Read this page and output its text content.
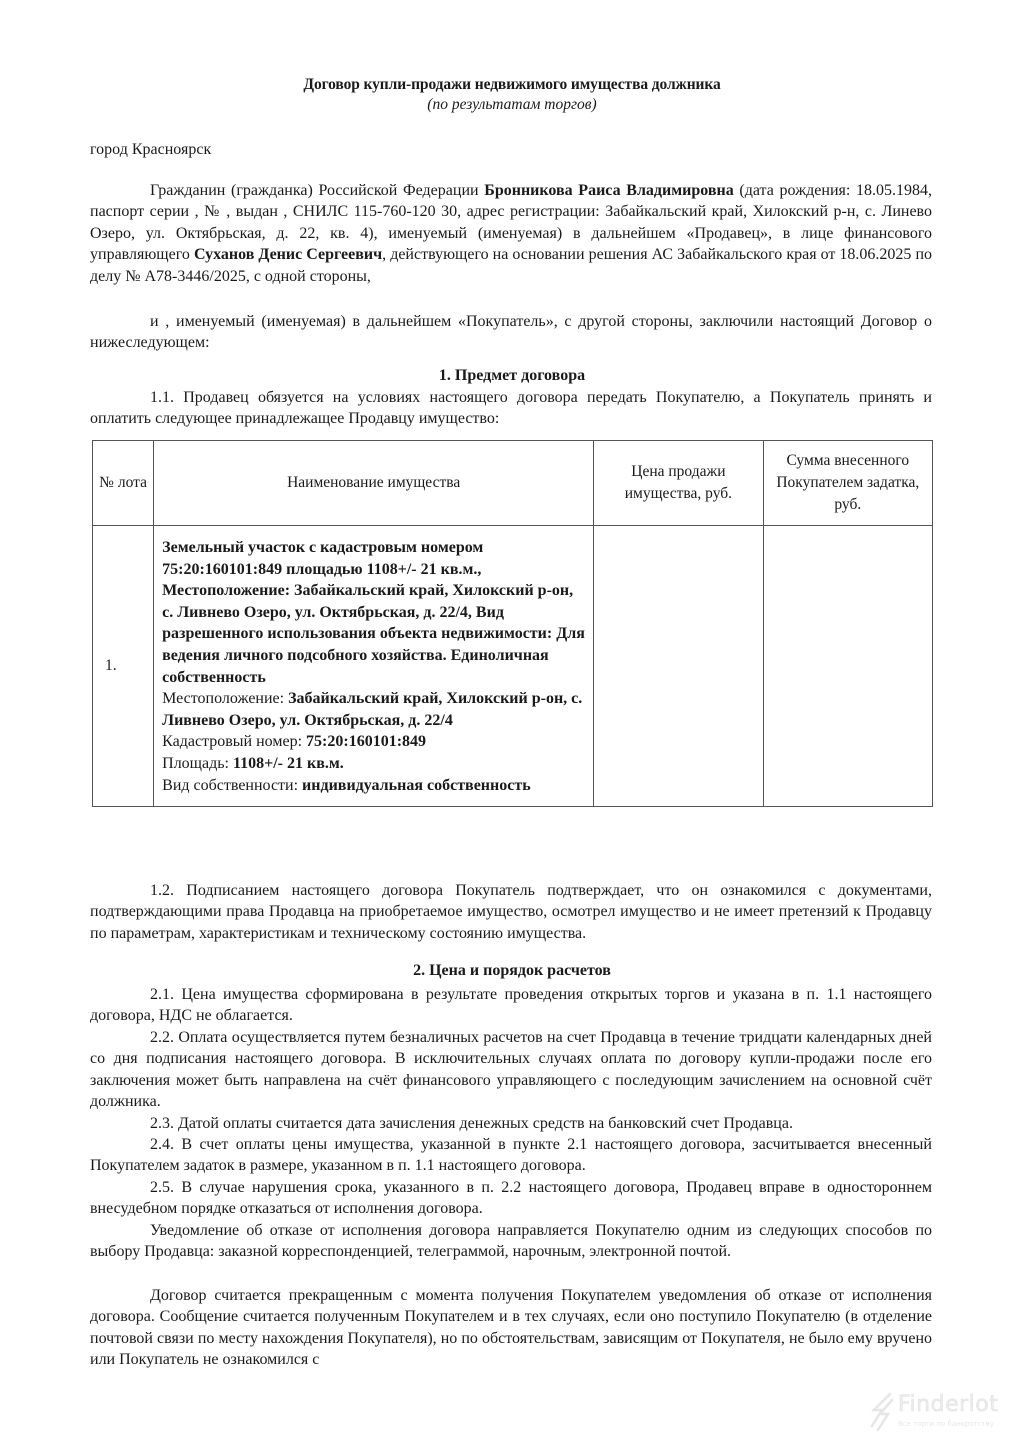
Договор купли-продажи недвижимого имущества должника
(по результатам торгов)
город Красноярск
Гражданин (гражданка) Российской Федерации Бронникова Раиса Владимировна (дата рождения: 18.05.1984, паспорт серии , № , выдан , СНИЛС 115-760-120 30, адрес регистрации: Забайкальский край, Хилокский р-н, с. Линево Озеро, ул. Октябрьская, д. 22, кв. 4), именуемый (именуемая) в дальнейшем «Продавец», в лице финансового управляющего Суханов Денис Сергеевич, действующего на основании решения АС Забайкальского края от 18.06.2025 по делу № А78-3446/2025, с одной стороны,
и , именуемый (именуемая) в дальнейшем «Покупатель», с другой стороны, заключили настоящий Договор о нижеследующем:
1. Предмет договора
1.1. Продавец обязуется на условиях настоящего договора передать Покупателю, а Покупатель принять и оплатить следующее принадлежащее Продавцу имущество:
№ лота	Наименование имущества	Цена продажи имущества, руб.	Сумма внесенного Покупателем задатка, руб.
1.	Земельный участок с кадастровым номером 75:20:160101:849 площадью 1108+/- 21 кв.м., Местоположение: Забайкальский край, Хилокский р-он, с. Ливнево Озеро, ул. Октябрьская, д. 22/4, Вид разрешенного использования объекта недвижимости: Для ведения личного подсобного хозяйства. Единоличная собственность
Местоположение: Забайкальский край, Хилокский р-он, с. Ливнево Озеро, ул. Октябрьская, д. 22/4
Кадастровый номер: 75:20:160101:849
Площадь: 1108+/- 21 кв.м.
Вид собственности: индивидуальная собственность		
1.2. Подписанием настоящего договора Покупатель подтверждает, что он ознакомился с документами, подтверждающими права Продавца на приобретаемое имущество, осмотрел имущество и не имеет претензий к Продавцу по параметрам, характеристикам и техническому состоянию имущества.
2. Цена и порядок расчетов
2.1. Цена имущества сформирована в результате проведения открытых торгов и указана в п. 1.1 настоящего договора, НДС не облагается.
2.2. Оплата осуществляется путем безналичных расчетов на счет Продавца в течение тридцати календарных дней со дня подписания настоящего договора. В исключительных случаях оплата по договору купли-продажи после его заключения может быть направлена на счёт финансового управляющего с последующим зачислением на основной счёт должника.
2.3. Датой оплаты считается дата зачисления денежных средств на банковский счет Продавца.
2.4. В счет оплаты цены имущества, указанной в пункте 2.1 настоящего договора, засчитывается внесенный Покупателем задаток в размере, указанном в п. 1.1 настоящего договора.
2.5. В случае нарушения срока, указанного в п. 2.2 настоящего договора, Продавец вправе в одностороннем внесудебном порядке отказаться от исполнения договора.
Уведомление об отказе от исполнения договора направляется Покупателю одним из следующих способов по выбору Продавца: заказной корреспонденцией, телеграммой, нарочным, электронной почтой.
Договор считается прекращенным с момента получения Покупателем уведомления об отказе от исполнения договора. Сообщение считается полученным Покупателем и в тех случаях, если оно поступило Покупателю (в отделение почтовой связи по месту нахождения Покупателя), но по обстоятельствам, зависящим от Покупателя, не было ему вручено или Покупатель не ознакомился с
Finderlot
Все торги по банкротству
